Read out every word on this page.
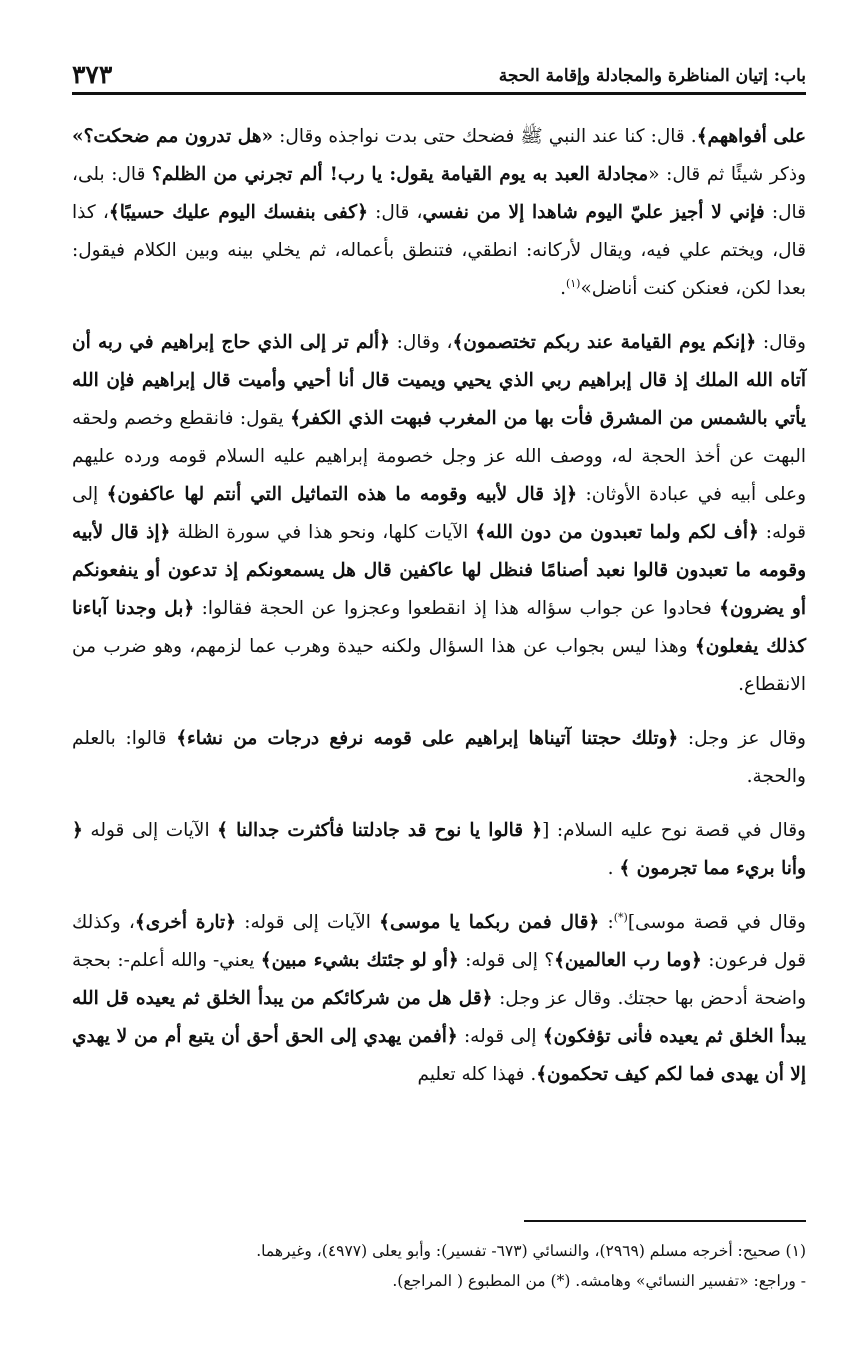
باب: إتيان المناظرة والمجادلة وإقامة الحجة
٣٧٣

على أفواههم﴾. قال: كنا عند النبي ﷺ فضحك حتى بدت نواجذه وقال: «هل تدرون مم ضحكت؟» وذكر شيئًا ثم قال: «مجادلة العبد به يوم القيامة يقول: يا رب! ألم تجرني من الظلم؟ قال: بلى، قال: فإني لا أجيز عليّ اليوم شاهدا إلا من نفسي، قال: ﴿كفى بنفسك اليوم عليك حسيبًا﴾، كذا قال، ويختم علي فيه، ويقال لأركانه: انطقي، فتنطق بأعماله، ثم يخلي بينه وبين الكلام فيقول: بعدا لكن، فعنكن كنت أناضل»$^{(١)}$.

وقال: ﴿إنكم يوم القيامة عند ربكم تختصمون﴾، وقال: ﴿ألم تر إلى الذي حاج إبراهيم في ربه أن آتاه الله الملك إذ قال إبراهيم ربي الذي يحيي ويميت قال أنا أحيي وأميت قال إبراهيم فإن الله يأتي بالشمس من المشرق فأت بها من المغرب فبهت الذي الكفر﴾ يقول: فانقطع وخصم ولحقه البهت عن أخذ الحجة له، ووصف الله عز وجل خصومة إبراهيم عليه السلام قومه ورده عليهم وعلى أبيه في عبادة الأوثان: ﴿إذ قال لأبيه وقومه ما هذه التماثيل التي أنتم لها عاكفون﴾ إلى قوله: ﴿أف لكم ولما تعبدون من دون الله﴾ الآيات كلها، ونحو هذا في سورة الظلة ﴿إذ قال لأبيه وقومه ما تعبدون قالوا نعبد أصنامًا فنظل لها عاكفين قال هل يسمعونكم إذ تدعون أو ينفعونكم أو يضرون﴾ فحادوا عن جواب سؤاله هذا إذ انقطعوا وعجزوا عن الحجة فقالوا: ﴿بل وجدنا آباءنا كذلك يفعلون﴾ وهذا ليس بجواب عن هذا السؤال ولكنه حيدة وهرب عما لزمهم، وهو ضرب من الانقطاع.

وقال عز وجل: ﴿وتلك حجتنا آتيناها إبراهيم على قومه نرفع درجات من نشاء﴾ قالوا: بالعلم والحجة.

وقال في قصة نوح عليه السلام: [﴿ قالوا يا نوح قد جادلتنا فأكثرت جدالنا ﴾ الآيات إلى قوله ﴿ وأنا بريء مما تجرمون ﴾ .

وقال في قصة موسى](*): ﴿قال فمن ربكما يا موسى﴾ الآيات إلى قوله: ﴿تارة أخرى﴾، وكذلك قول فرعون: ﴿وما رب العالمين﴾؟ إلى قوله: ﴿أو لو جئتك بشيء مبين﴾ يعني- والله أعلم-: بحجة واضحة أدحض بها حجتك. وقال عز وجل: ﴿قل هل من شركائكم من يبدأ الخلق ثم يعيده قل الله يبدأ الخلق ثم يعيده فأنى تؤفكون﴾ إلى قوله: ﴿أفمن يهدي إلى الحق أحق أن يتبع أم من لا يهدي إلا أن يهدى فما لكم كيف تحكمون﴾. فهذا كله تعليم

(١) صحيح: أخرجه مسلم (٢٩٦٩)، والنسائي (٦٧٣- تفسير): وأبو يعلى (٤٩٧٧)، وغيرهما.

- وراجع: «تفسير النسائي» وهامشه. (*) من المطبوع ( المراجع).
